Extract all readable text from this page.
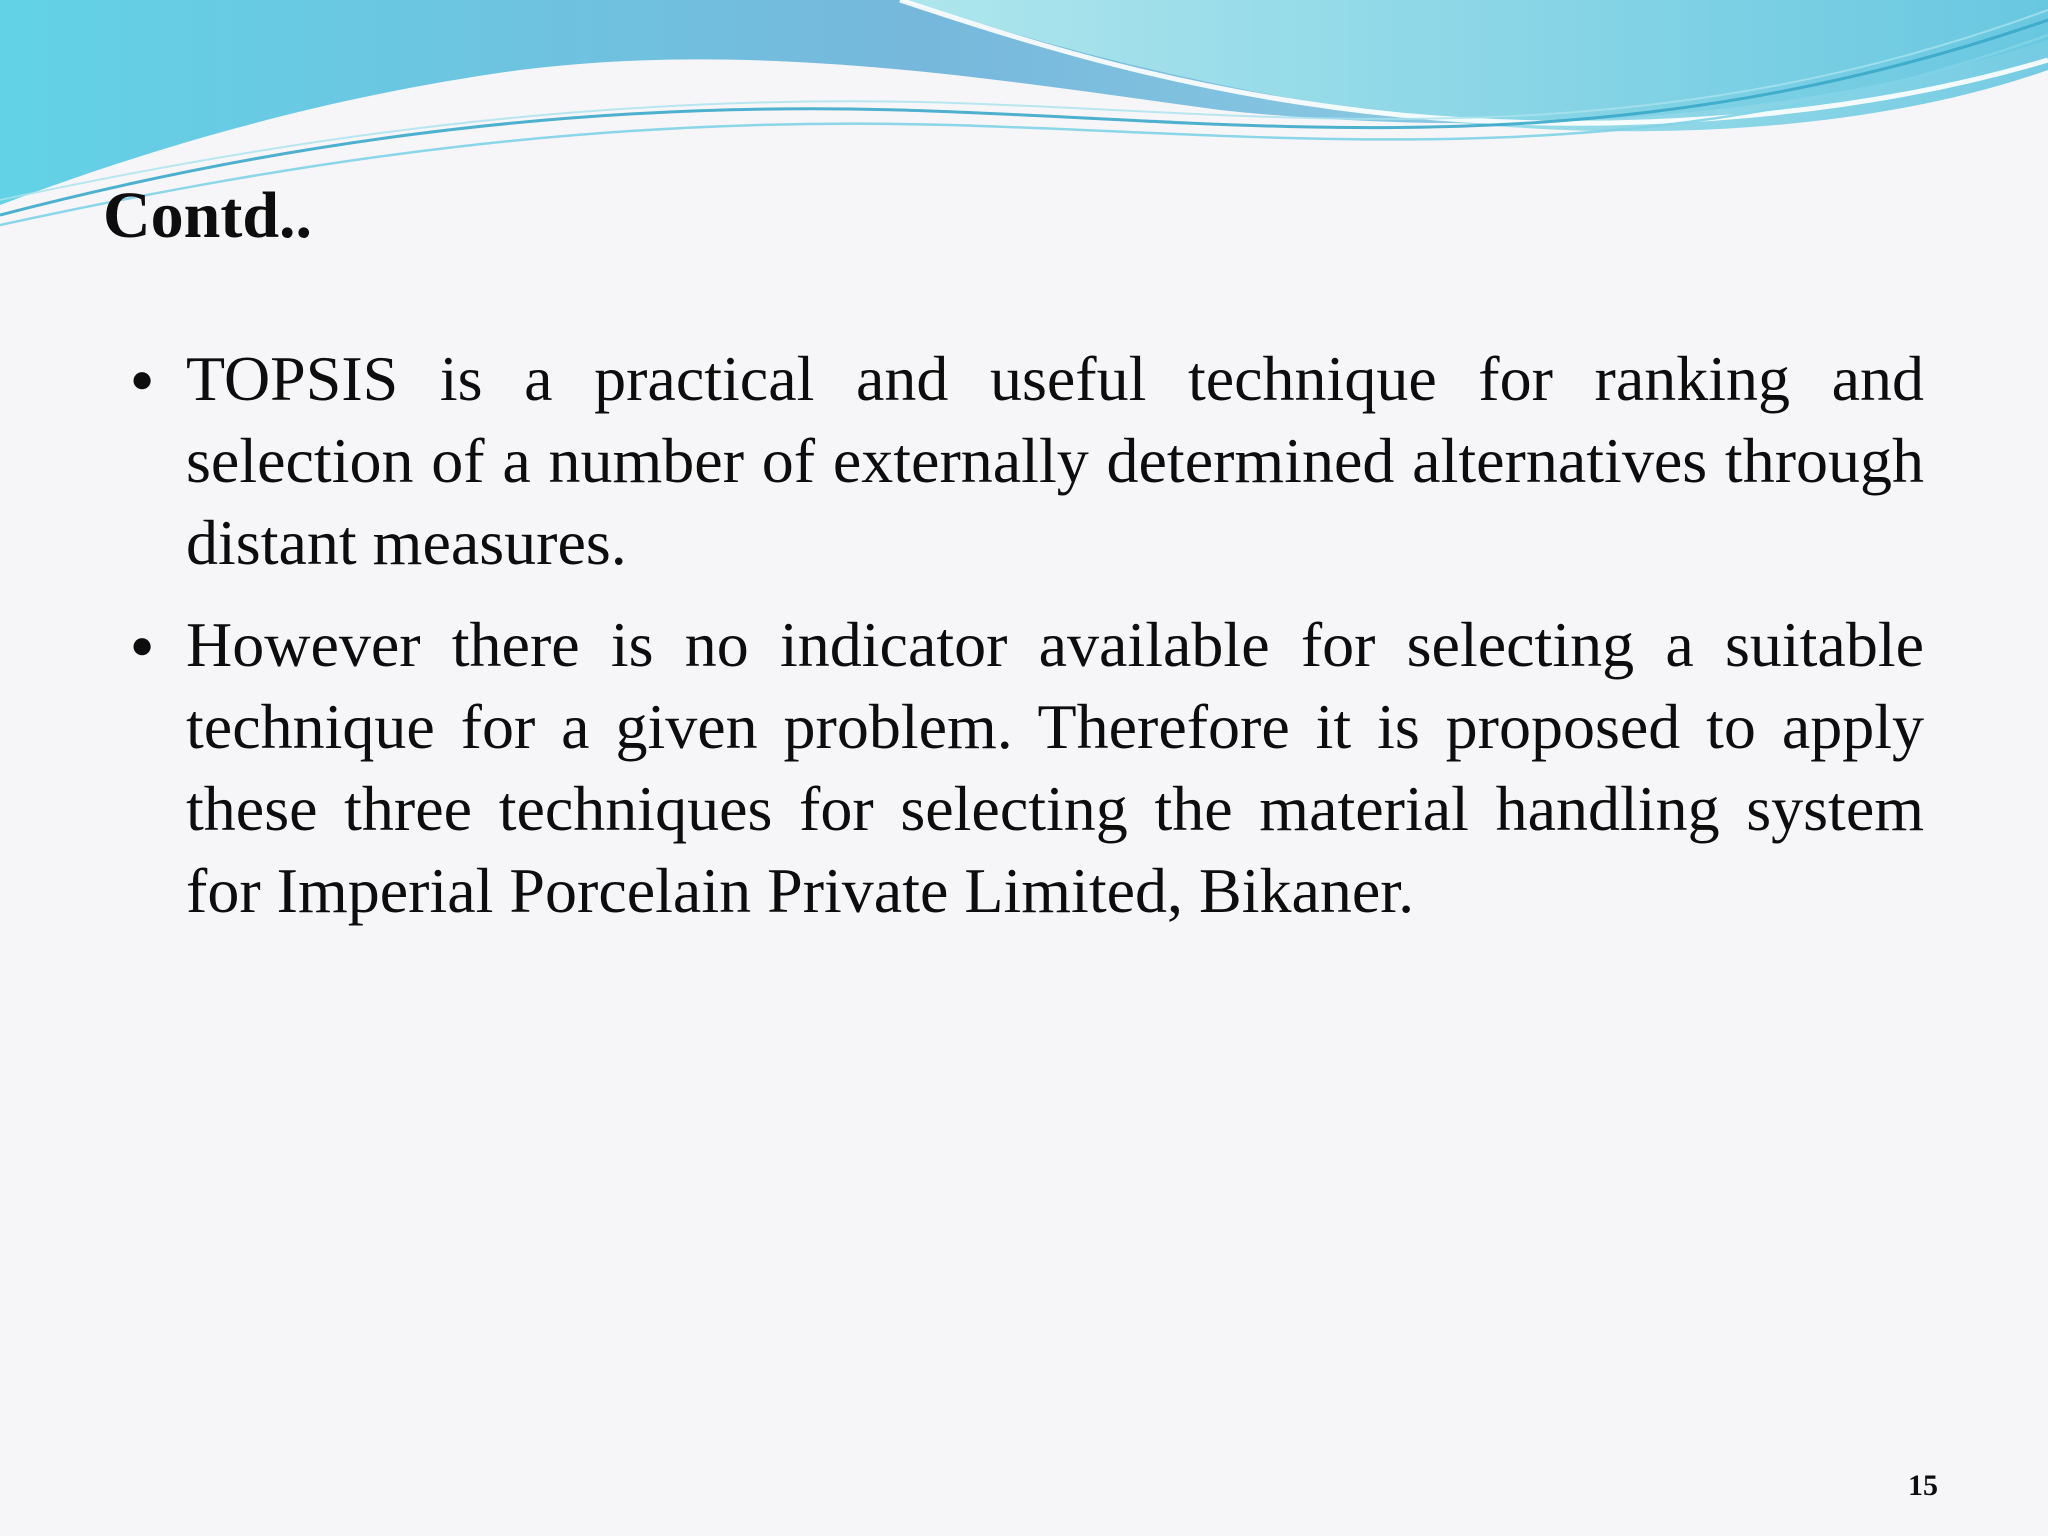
Contd..
● TOPSIS is a practical and useful technique for ranking and selection of a number of externally determined alternatives through distant measures.
● However there is no indicator available for selecting a suitable technique for a given problem. Therefore it is proposed to apply these three techniques for selecting the material handling system for Imperial Porcelain Private Limited, Bikaner.
15
